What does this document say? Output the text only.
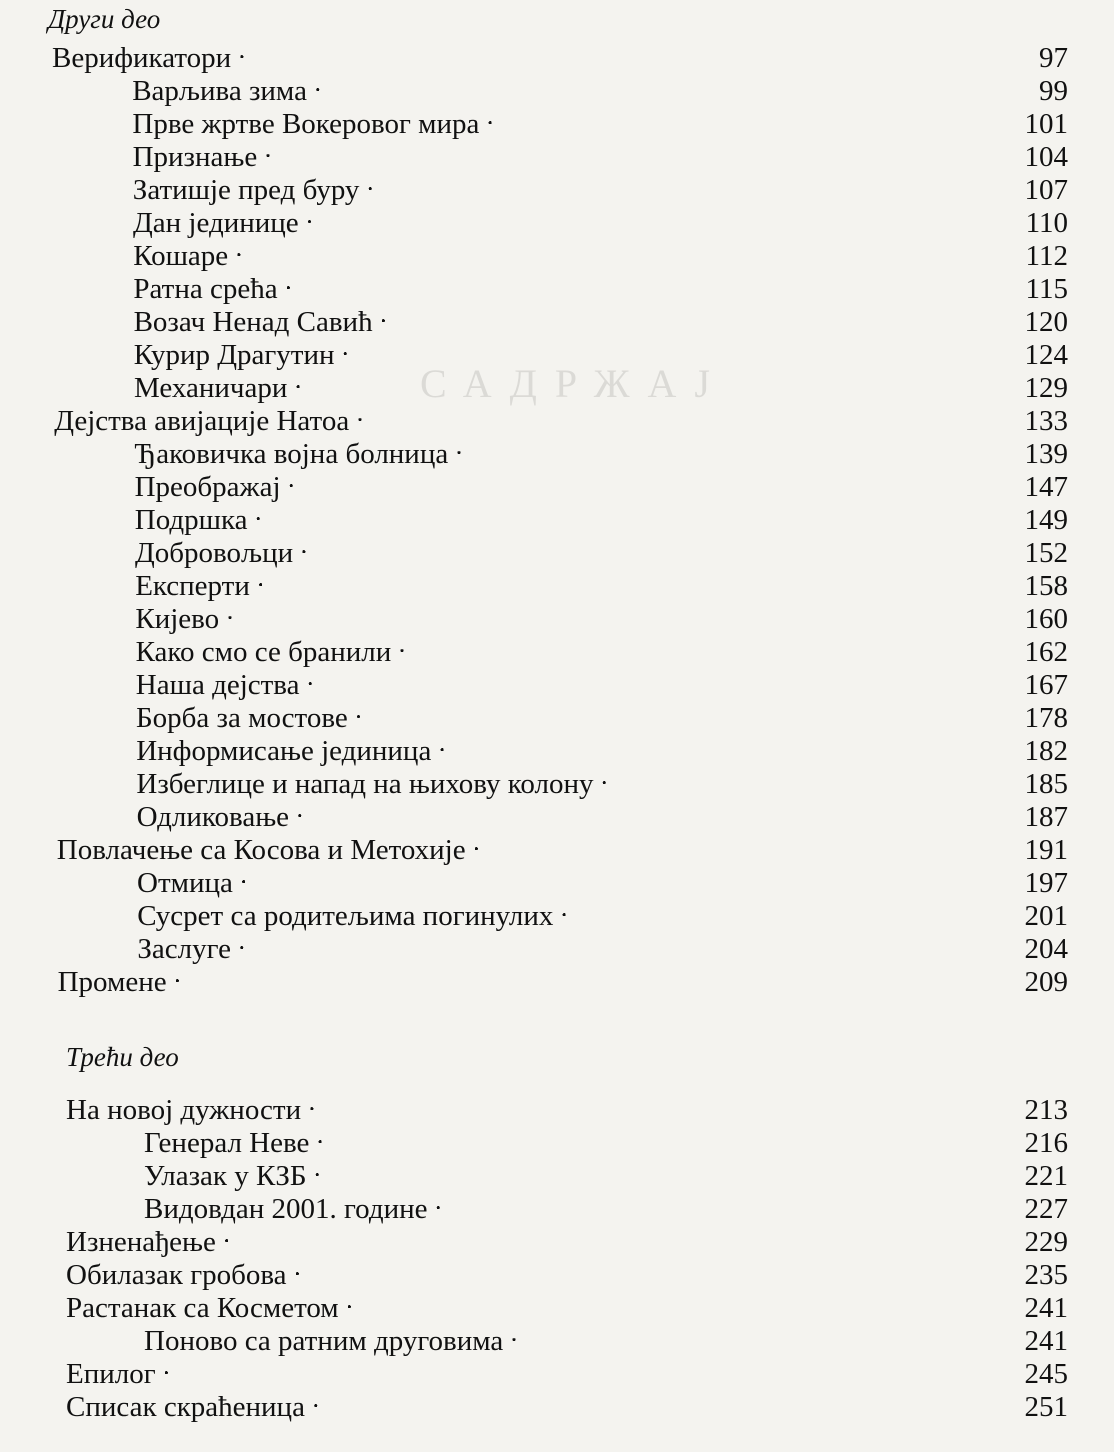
САДРЖАЈ
Други део
Трећи део
Верификатори . . .	97
Варљива зима . . .	99
Прве жртве Вокеровог мира . . .	101
Признање . . .	104
Затишје пред буру . . .	107
Дан јединице . . .	110
Кошаре . . .	112
Ратна срећа . . .	115
Возач Ненад Савић . . .	120
Курир Драгутин . . .	124
Механичари . . .	129
Дејства авијације Натоа . . .	133
Ђаковичка војна болница . . .	139
Преображај . . .	147
Подршка . . .	149
Добровољци . . .	152
Експерти . . .	158
Кијево . . .	160
Како смо се бранили . . .	162
Наша дејства . . .	167
Борба за мостове . . .	178
Информисање јединица . . .	182
Избеглице и напад на њихову колону . . .	185
Одликовање . . .	187
Повлачење са Косова и Метохије . . .	191
Отмица . . .	197
Сусрет са родитељима погинулих . . .	201
Заслуге . . .	204
Промене . . .	209
На новој дужности . . .	213
Генерал Неве . . .	216
Улазак у КЗБ . . .	221
Видовдан 2001. године . . .	227
Изненађење . . .	229
Обилазак гробова . . .	235
Растанак са Косметом . . .	241
Поново са ратним друговима . . .	241
Епилог . . .	245
Списак скраћеница . . .	251
